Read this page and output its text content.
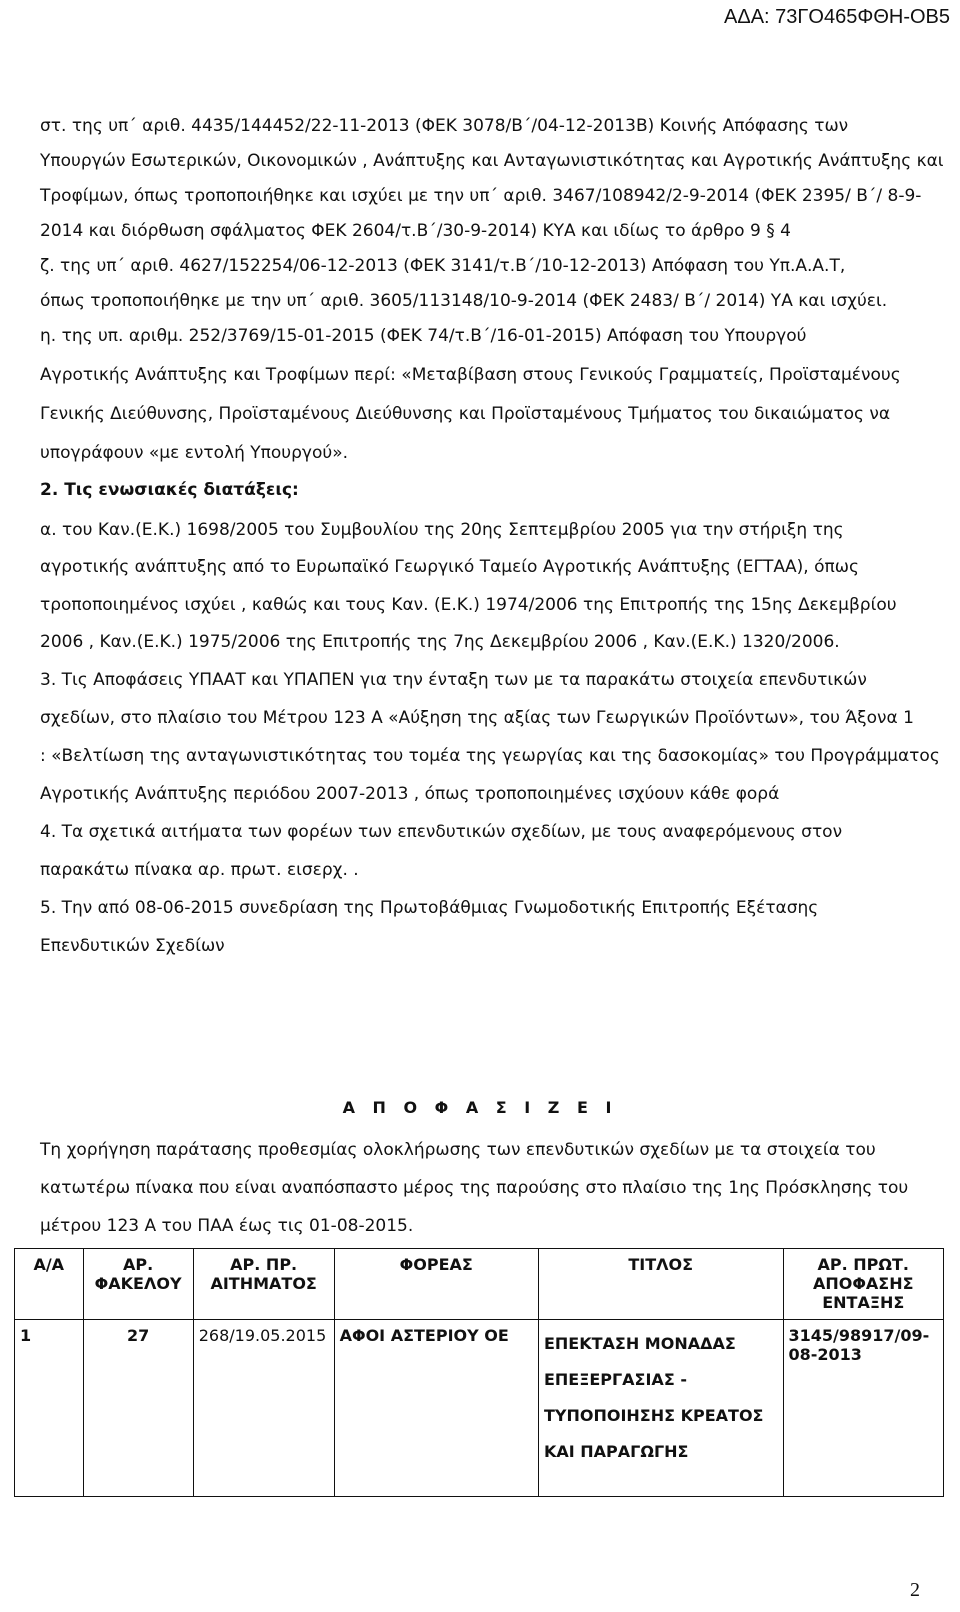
ΑΔΑ: 73ΓΟ465ΦΘΗ-ΟΒ5
στ. της υπ΄ αριθ. 4435/144452/22-11-2013 (ΦΕΚ 3078/Β΄/04-12-2013Β) Κοινής Απόφασης των
Υπουργών Εσωτερικών, Οικονομικών , Ανάπτυξης και Ανταγωνιστικότητας και Αγροτικής Ανάπτυξης και
Τροφίμων, όπως τροποποιήθηκε και ισχύει με την υπ΄ αριθ. 3467/108942/2-9-2014 (ΦΕΚ 2395/ Β΄/ 8-9-
2014 και διόρθωση σφάλματος ΦΕΚ 2604/τ.Β΄/30-9-2014) ΚΥΑ και ιδίως το άρθρο 9 § 4
ζ. της υπ΄ αριθ. 4627/152254/06-12-2013 (ΦΕΚ 3141/τ.Β΄/10-12-2013) Απόφαση του Υπ.Α.Α.Τ,
όπως τροποποιήθηκε με την υπ΄ αριθ. 3605/113148/10-9-2014 (ΦΕΚ 2483/ Β΄/ 2014) ΥΑ και ισχύει.
η. της υπ. αριθμ. 252/3769/15-01-2015 (ΦΕΚ 74/τ.Β΄/16-01-2015) Απόφαση του Υπουργού
Αγροτικής Ανάπτυξης και Τροφίμων περί: «Μεταβίβαση στους Γενικούς Γραμματείς, Προϊσταμένους
Γενικής Διεύθυνσης, Προϊσταμένους Διεύθυνσης και Προϊσταμένους Τμήματος του δικαιώματος να
υπογράφουν «με εντολή Υπουργού».
2. Τις ενωσιακές διατάξεις:
α. του Καν.(Ε.Κ.) 1698/2005 του Συμβουλίου της 20ης Σεπτεμβρίου 2005 για την στήριξη της
αγροτικής ανάπτυξης από το Ευρωπαϊκό Γεωργικό Ταμείο Αγροτικής Ανάπτυξης (ΕΓΤΑΑ), όπως
τροποποιημένος ισχύει , καθώς και τους Καν. (Ε.Κ.) 1974/2006 της Επιτροπής της 15ης Δεκεμβρίου
2006 , Καν.(Ε.Κ.) 1975/2006 της Επιτροπής της 7ης Δεκεμβρίου 2006 , Καν.(Ε.Κ.) 1320/2006.
3. Τις Αποφάσεις ΥΠΑΑΤ και ΥΠΑΠΕΝ για την ένταξη των με τα παρακάτω στοιχεία επενδυτικών
σχεδίων, στο πλαίσιο του Μέτρου 123 Α «Αύξηση της αξίας των Γεωργικών Προϊόντων», του Άξονα 1
: «Βελτίωση της ανταγωνιστικότητας του τομέα της γεωργίας και της δασοκομίας» του Προγράμματος
Αγροτικής Ανάπτυξης περιόδου 2007-2013 , όπως τροποποιημένες ισχύουν κάθε φορά
4. Τα σχετικά αιτήματα των φορέων των επενδυτικών σχεδίων, με τους αναφερόμενους στον
παρακάτω πίνακα αρ. πρωτ. εισερχ. .
5. Την από 08-06-2015 συνεδρίαση της Πρωτοβάθμιας Γνωμοδοτικής Επιτροπής Εξέτασης
Επενδυτικών Σχεδίων
Α Π Ο Φ Α Σ Ι Ζ Ε Ι
Τη χορήγηση παράτασης προθεσμίας ολοκλήρωσης των επενδυτικών σχεδίων με τα στοιχεία του
κατωτέρω πίνακα που είναι αναπόσπαστο μέρος της παρούσης στο πλαίσιο της 1ης Πρόσκλησης του
μέτρου 123 Α του ΠΑΑ έως τις 01-08-2015.
Α/Α	ΑΡ. ΦΑΚΕΛΟΥ	ΑΡ. ΠΡ. ΑΙΤΗΜΑΤΟΣ	ΦΟΡΕΑΣ	ΤΙΤΛΟΣ	ΑΡ. ΠΡΩΤ. ΑΠΟΦΑΣΗΣ ΕΝΤΑΞΗΣ
1	27	268/19.05.2015	ΑΦΟΙ ΑΣΤΕΡΙΟΥ ΟΕ	ΕΠΕΚΤΑΣΗ ΜΟΝΑΔΑΣ ΕΠΕΞΕΡΓΑΣΙΑΣ - ΤΥΠΟΠΟΙΗΣΗΣ ΚΡΕΑΤΟΣ ΚΑΙ ΠΑΡΑΓΩΓΗΣ	3145/98917/09-08-2013
2
